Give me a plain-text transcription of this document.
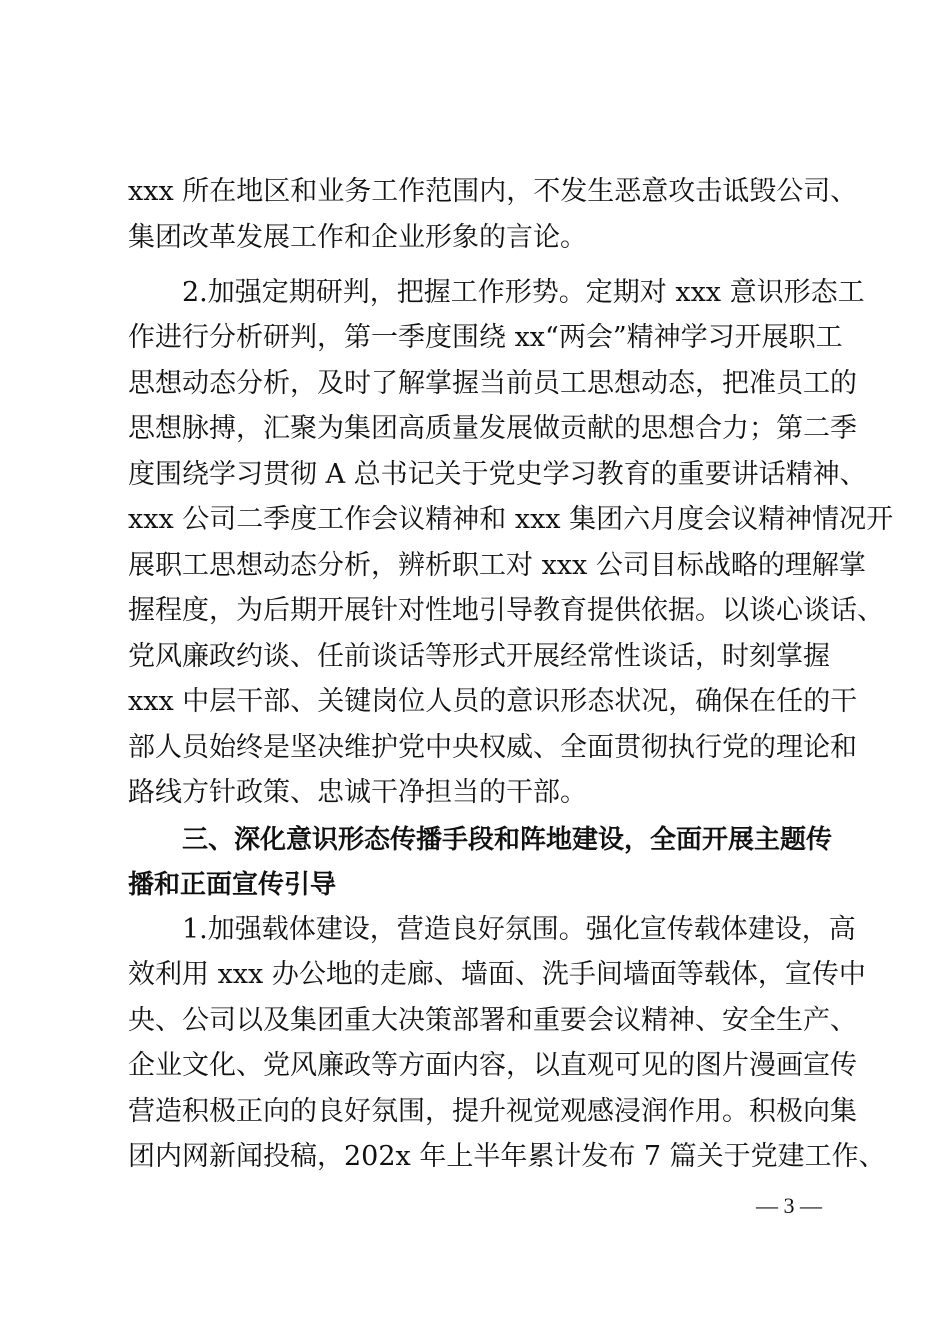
xxx 所在地区和业务工作范围内，不发生恶意攻击诋毁公司、
集团改革发展工作和企业形象的言论。
2.加强定期研判，把握工作形势。定期对 xxx 意识形态工
作进行分析研判，第一季度围绕 xx“两会”精神学习开展职工
思想动态分析，及时了解掌握当前员工思想动态，把准员工的
思想脉搏，汇聚为集团高质量发展做贡献的思想合力；第二季
度围绕学习贯彻 A 总书记关于党史学习教育的重要讲话精神、
xxx 公司二季度工作会议精神和 xxx 集团六月度会议精神情况开
展职工思想动态分析，辨析职工对 xxx 公司目标战略的理解掌
握程度，为后期开展针对性地引导教育提供依据。以谈心谈话、
党风廉政约谈、任前谈话等形式开展经常性谈话，时刻掌握
xxx 中层干部、关键岗位人员的意识形态状况，确保在任的干
部人员始终是坚决维护党中央权威、全面贯彻执行党的理论和
路线方针政策、忠诚干净担当的干部。
三、深化意识形态传播手段和阵地建设，全面开展主题传
播和正面宣传引导
1.加强载体建设，营造良好氛围。强化宣传载体建设，高
效利用 xxx 办公地的走廊、墙面、洗手间墙面等载体，宣传中
央、公司以及集团重大决策部署和重要会议精神、安全生产、
企业文化、党风廉政等方面内容，以直观可见的图片漫画宣传
营造积极正向的良好氛围，提升视觉观感浸润作用。积极向集
团内网新闻投稿，202x 年上半年累计发布 7 篇关于党建工作、
— 3 —
